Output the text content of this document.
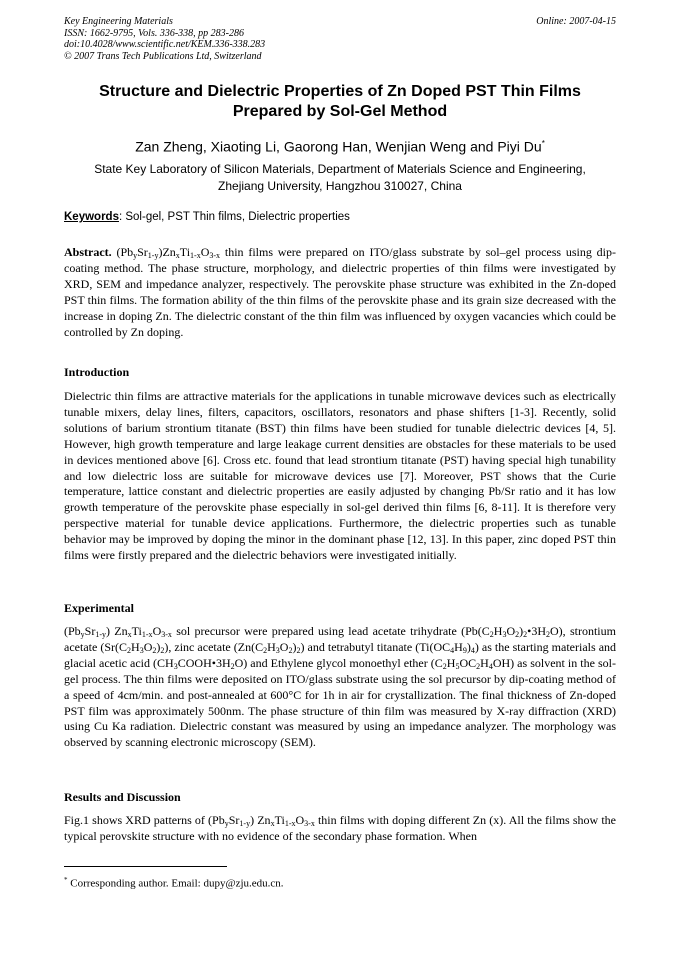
Key Engineering Materials
ISSN: 1662-9795, Vols. 336-338, pp 283-286
doi:10.4028/www.scientific.net/KEM.336-338.283
© 2007 Trans Tech Publications Ltd, Switzerland
Online: 2007-04-15
Structure and Dielectric Properties of Zn Doped PST Thin Films
Prepared by Sol-Gel Method
Zan Zheng, Xiaoting Li, Gaorong Han, Wenjian Weng and Piyi Du*
State Key Laboratory of Silicon Materials, Department of Materials Science and Engineering,
Zhejiang University, Hangzhou 310027, China
Keywords: Sol-gel, PST Thin films, Dielectric properties
Abstract. $(Pb_ySr_{1-y})Zn_xTi_{1-x}O_{3-x}$ thin films were prepared on ITO/glass substrate by sol–gel process using dip-coating method. The phase structure, morphology, and dielectric properties of thin films were investigated by XRD, SEM and impedance analyzer, respectively. The perovskite phase structure was exhibited in the Zn-doped PST thin films. The formation ability of the thin films of the perovskite phase and its grain size decreased with the increase in doping Zn. The dielectric constant of the thin film was influenced by oxygen vacancies which could be controlled by Zn doping.
Introduction
Dielectric thin films are attractive materials for the applications in tunable microwave devices such as electrically tunable mixers, delay lines, filters, capacitors, oscillators, resonators and phase shifters [1-3]. Recently, solid solutions of barium strontium titanate (BST) thin films have been studied for tunable dielectric devices [4, 5]. However, high growth temperature and large leakage current densities are obstacles for these materials to be used in devices mentioned above [6]. Cross etc. found that lead strontium titanate (PST) having special high tunability and low dielectric loss are suitable for microwave devices use [7]. Moreover, PST shows that the Curie temperature, lattice constant and dielectric properties are easily adjusted by changing Pb/Sr ratio and it has low growth temperature of the perovskite phase especially in sol-gel derived thin films [6, 8-11]. It is therefore very perspective material for tunable device applications. Furthermore, the dielectric properties such as tunable behavior may be improved by doping the minor in the dominant phase [12, 13]. In this paper, zinc doped PST thin films were firstly prepared and the dielectric behaviors were investigated initially.
Experimental
$(Pb_ySr_{1-y})$ $Zn_xTi_{1-x}O_{3-x}$ sol precursor were prepared using lead acetate trihydrate $(Pb(C_2H_3O_2)_2•3H_2O)$, strontium acetate $(Sr(C_2H_3O_2)_2)$, zinc acetate $(Zn(C_2H_3O_2)_2)$ and tetrabutyl titanate $(Ti(OC_4H_9)_4)$ as the starting materials and glacial acetic acid $(CH_3COOH•3H_2O)$ and Ethylene glycol monoethyl ether $(C_2H_5OC_2H_4OH)$ as solvent in the sol-gel process. The thin films were deposited on ITO/glass substrate using the sol precursor by dip-coating method of a speed of 4cm/min. and post-annealed at 600°C for 1h in air for crystallization. The final thickness of Zn-doped PST film was approximately 500nm. The phase structure of thin film was measured by X-ray diffraction (XRD) using Cu Ka radiation. Dielectric constant was measured by using an impedance analyzer. The morphology was observed by scanning electronic microscopy (SEM).
Results and Discussion
Fig.1 shows XRD patterns of $(Pb_ySr_{1-y})$ $Zn_xTi_{1-x}O_{3-x}$ thin films with doping different Zn (x). All the films show the typical perovskite structure with no evidence of the secondary phase formation. When
* Corresponding author. Email: dupy@zju.edu.cn.
